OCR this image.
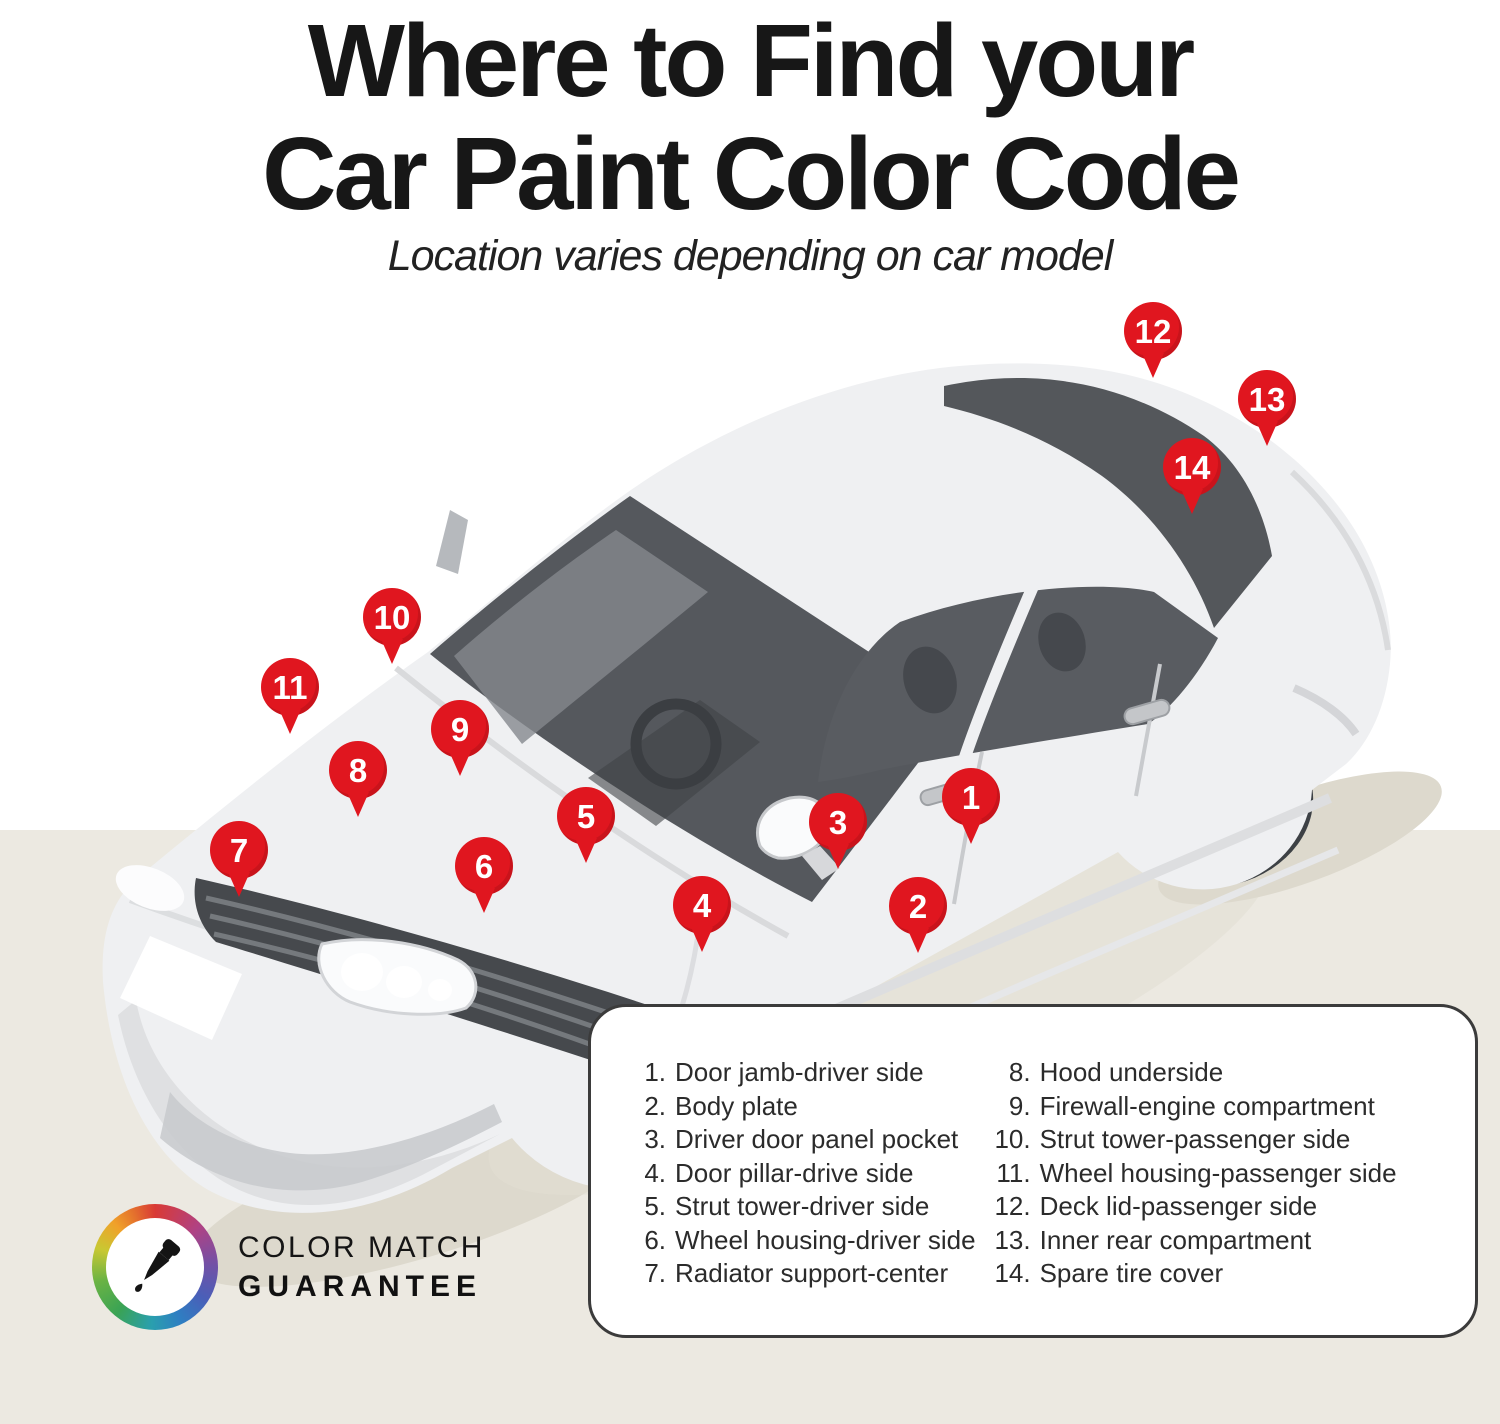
Where to Find your
Car Paint Color Code
Location varies depending on car model
1
2
3
4
5
6
7
8
9
10
11
12
13
14
1. Door jamb-driver side	8. Hood underside
2. Body plate	9. Firewall-engine compartment
3. Driver door panel pocket	10. Strut tower-passenger side
4. Door pillar-drive side	11. Wheel housing-passenger side
5. Strut tower-driver side	12. Deck lid-passenger side
6. Wheel housing-driver side 13. Inner rear compartment
7. Radiator support-center	14. Spare tire cover
COLOR MATCH
GUARANTEE
